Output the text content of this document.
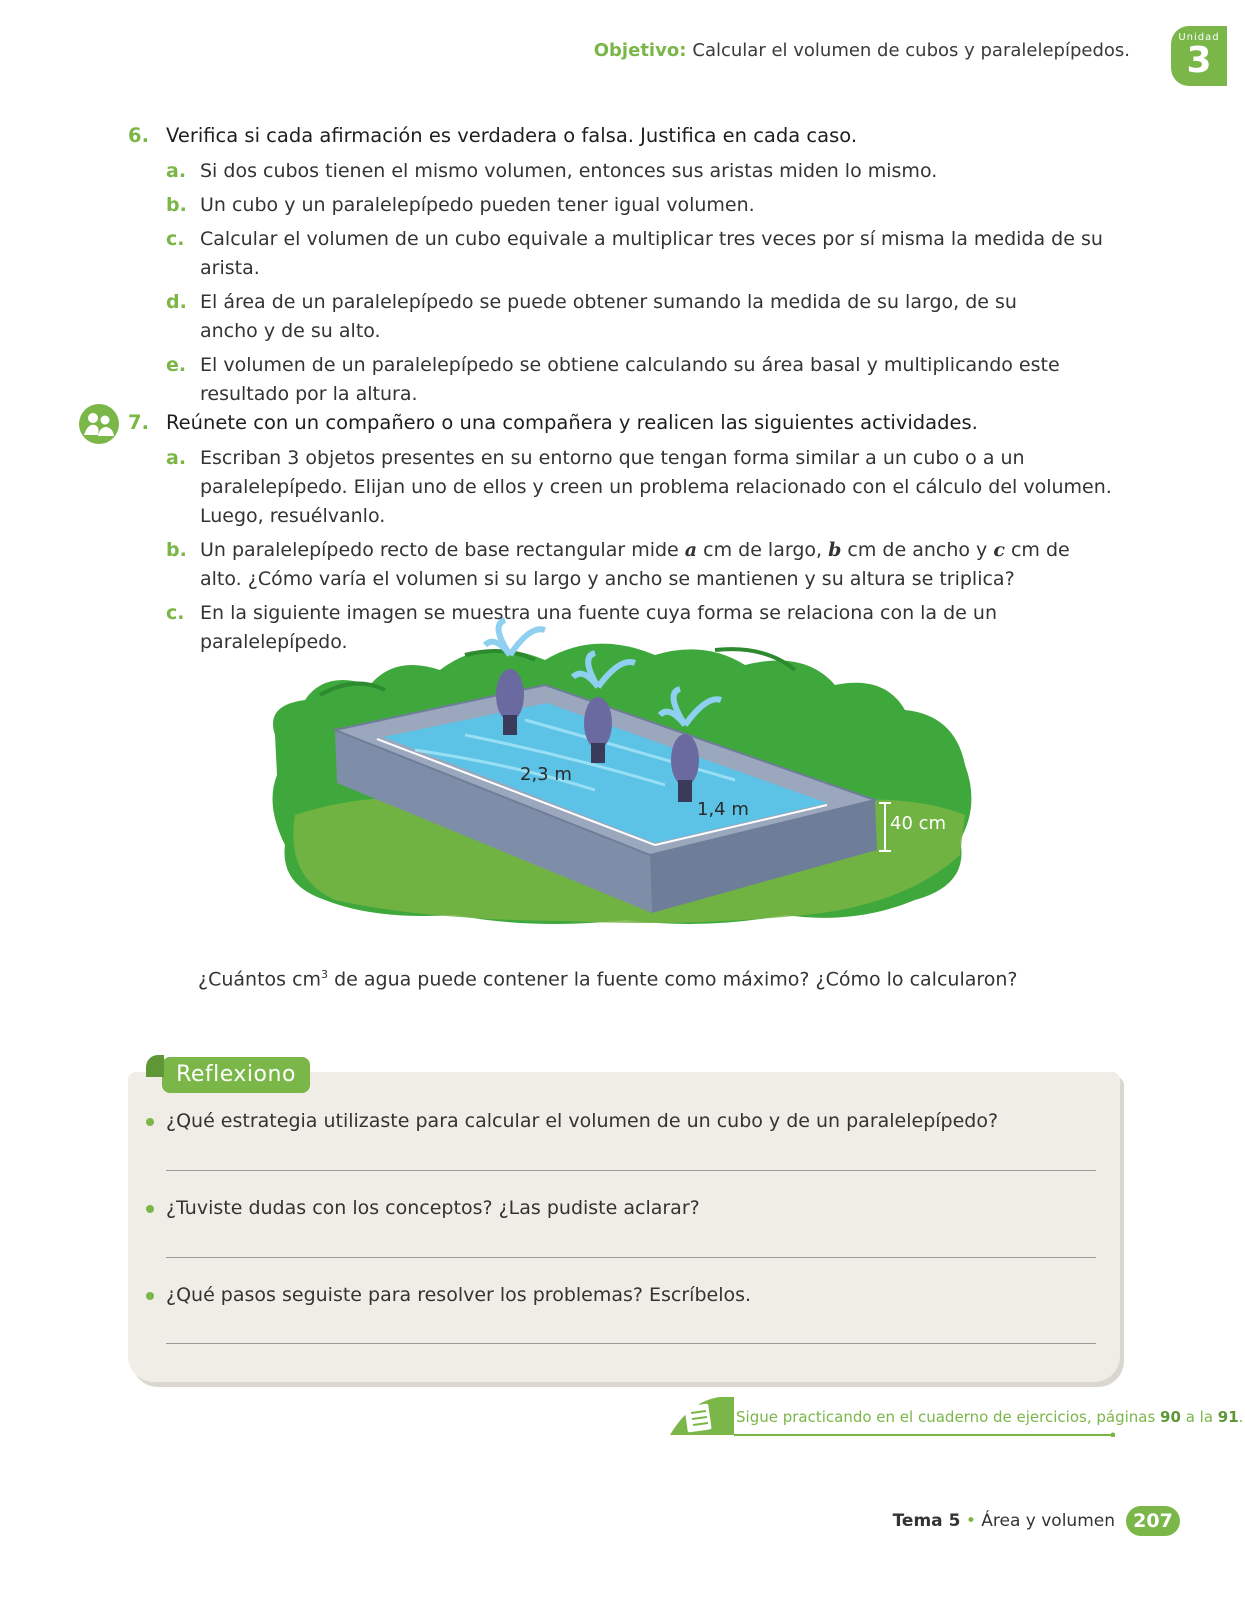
Objetivo: Calcular el volumen de cubos y paralelepípedos.
Unidad
3
6. Verifica si cada afirmación es verdadera o falsa. Justifica en cada caso.
a. Si dos cubos tienen el mismo volumen, entonces sus aristas miden lo mismo.
b. Un cubo y un paralelepípedo pueden tener igual volumen.
c. Calcular el volumen de un cubo equivale a multiplicar tres veces por sí misma la medida de su arista.
d. El área de un paralelepípedo se puede obtener sumando la medida de su largo, de su ancho y de su alto.
e. El volumen de un paralelepípedo se obtiene calculando su área basal y multiplicando este resultado por la altura.
7. Reúnete con un compañero o una compañera y realicen las siguientes actividades.
a. Escriban 3 objetos presentes en su entorno que tengan forma similar a un cubo o a un paralelepípedo. Elijan uno de ellos y creen un problema relacionado con el cálculo del volumen. Luego, resuélvanlo.
b. Un paralelepípedo recto de base rectangular mide a cm de largo, b cm de ancho y c cm de alto. ¿Cómo varía el volumen si su largo y ancho se mantienen y su altura se triplica?
c. En la siguiente imagen se muestra una fuente cuya forma se relaciona con la de un paralelepípedo.
2,3 m
1,4 m
40 cm
¿Cuántos $cm^3$ de agua puede contener la fuente como máximo? ¿Cómo lo calcularon?
Reflexiono
¿Qué estrategia utilizaste para calcular el volumen de un cubo y de un paralelepípedo?
¿Tuviste dudas con los conceptos? ¿Las pudiste aclarar?
¿Qué pasos seguiste para resolver los problemas? Escríbelos.
Sigue practicando en el cuaderno de ejercicios, páginas 90 a la 91.
Tema 5 • Área y volumen 207
